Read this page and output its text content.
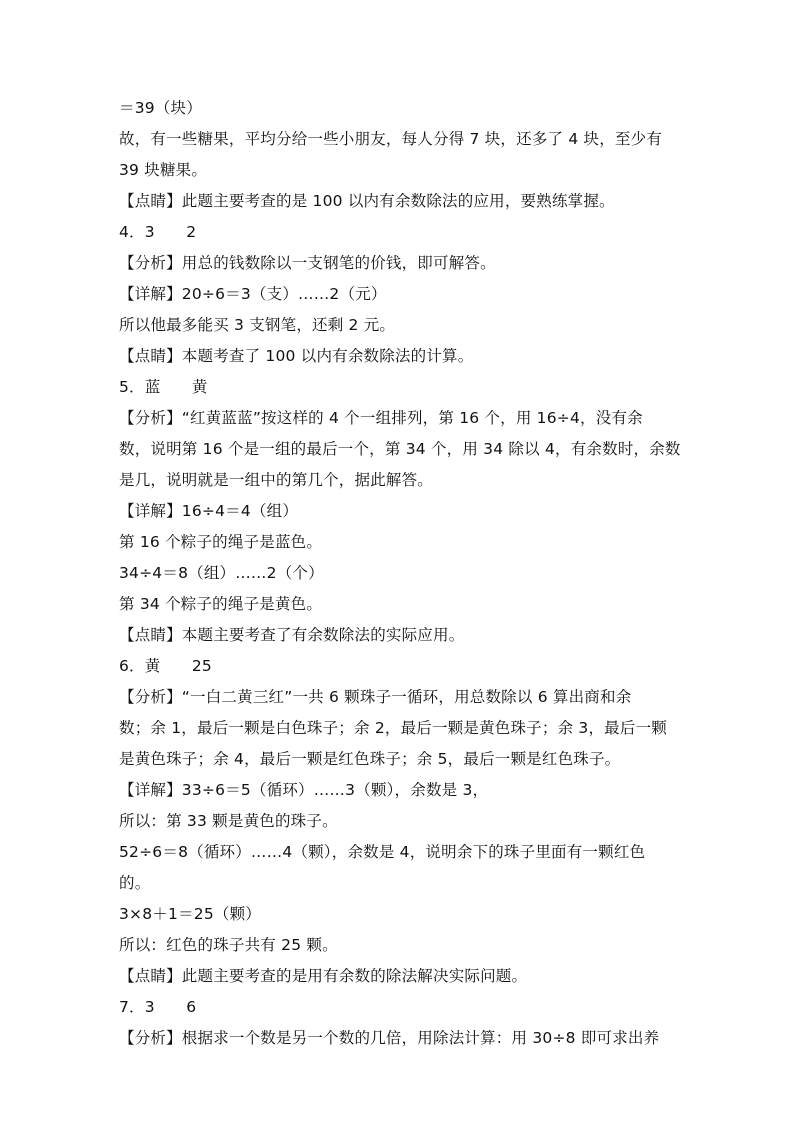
＝39（块）
故，有一些糖果，平均分给一些小朋友，每人分得 7 块，还多了 4 块，至少有
39 块糖果。
【点睛】此题主要考查的是 100 以内有余数除法的应用，要熟练掌握。
4．3　　2
【分析】用总的钱数除以一支钢笔的价钱，即可解答。
【详解】20÷6＝3（支）……2（元）
所以他最多能买 3 支钢笔，还剩 2 元。
【点睛】本题考查了 100 以内有余数除法的计算。
5．蓝　　黄
【分析】“红黄蓝蓝”按这样的 4 个一组排列，第 16 个，用 16÷4，没有余
数，说明第 16 个是一组的最后一个，第 34 个，用 34 除以 4，有余数时，余数
是几，说明就是一组中的第几个，据此解答。
【详解】16÷4＝4（组）
第 16 个粽子的绳子是蓝色。
34÷4＝8（组）……2（个）
第 34 个粽子的绳子是黄色。
【点睛】本题主要考查了有余数除法的实际应用。
6．黄　　25
【分析】“一白二黄三红”一共 6 颗珠子一循环，用总数除以 6 算出商和余
数；余 1，最后一颗是白色珠子；余 2，最后一颗是黄色珠子；余 3，最后一颗
是黄色珠子；余 4，最后一颗是红色珠子；余 5，最后一颗是红色珠子。
【详解】33÷6＝5（循环）……3（颗），余数是 3，
所以：第 33 颗是黄色的珠子。
52÷6＝8（循环）……4（颗），余数是 4，说明余下的珠子里面有一颗红色
的。
3×8＋1＝25（颗）
所以：红色的珠子共有 25 颗。
【点睛】此题主要考查的是用有余数的除法解决实际问题。
7．3　　6
【分析】根据求一个数是另一个数的几倍，用除法计算：用 30÷8 即可求出养
